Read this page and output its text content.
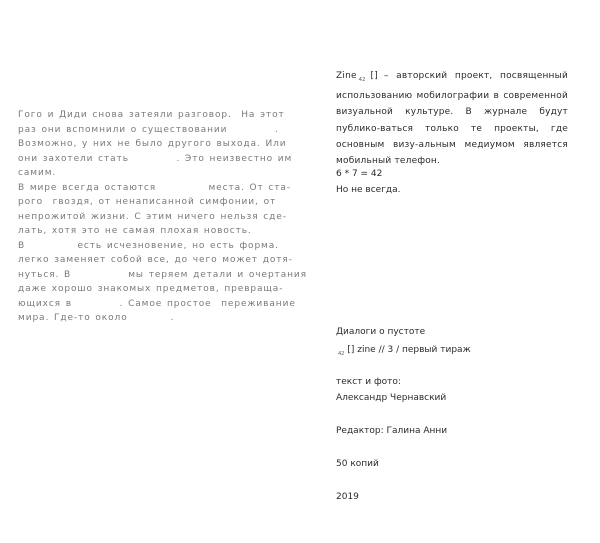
Гого и Диди снова затеяли разговор.  На этот
раз они вспомнили о существовании          .
Возможно, у них не было другого выхода. Или
они захотели стать          . Это неизвестно им
самим.
В мире всегда остаются           места. От ста-
рого  гвоздя, от ненаписанной симфонии, от
непрожитой жизни. С этим ничего нельзя сде-
лать, хотя это не самая плохая новость.
В           есть исчезновение, но есть форма.
легко заменяет собой все, до чего может дотя-
нуться. В            мы теряем детали и очертания
даже хорошо знакомых предметов, превраща-
ющихся в          . Самое простое  переживание
мира. Где-то около         .

Zine $_{42}$ [] – авторский проект, посвященный использованию мобилографии в современной визуальной культуре. В журнале будут публико-ваться только те проекты, где основным визу-альным медиумом является мобильный телефон.

6 * 7 = 42
Но не всегда.
Диалоги о пустоте
$_{42}$ [] zine // 3 / первый тираж
текст и фото:
Александр Чернавский
Редактор: Галина Анни
50 копий
2019
